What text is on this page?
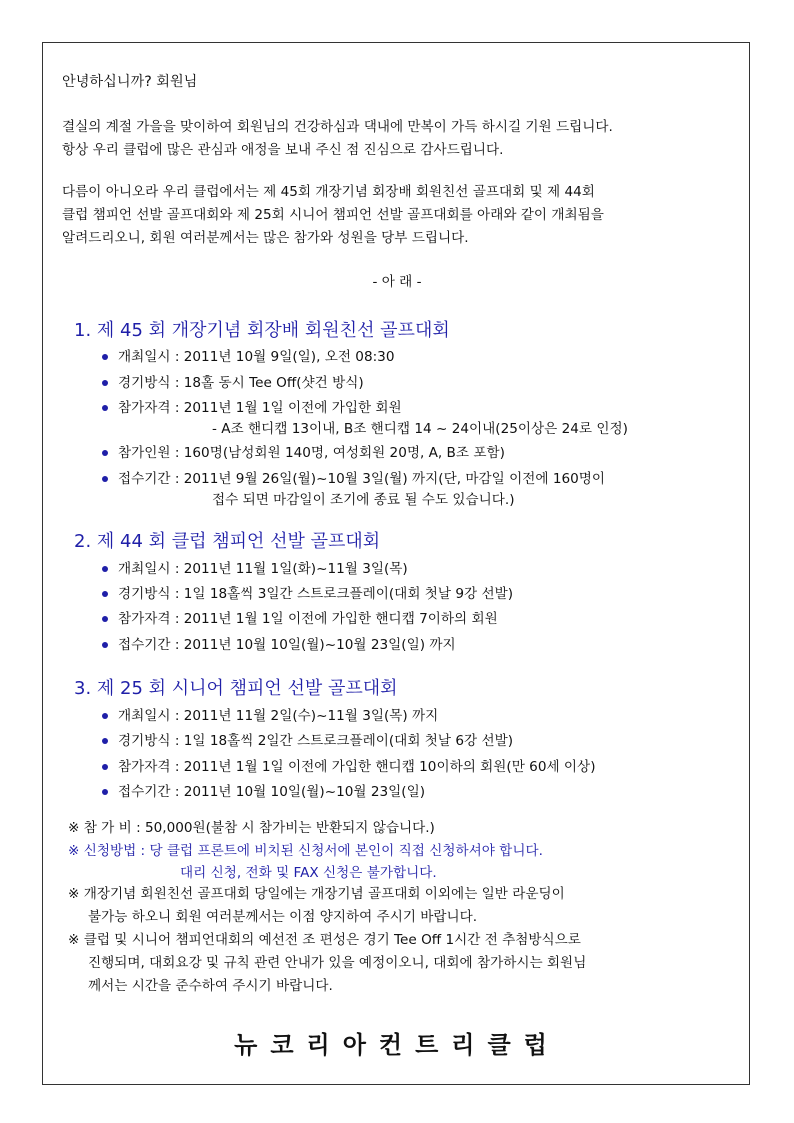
안녕하십니까? 회원님
결실의 계절 가을을 맞이하여 회원님의 건강하심과 댁내에 만복이 가득 하시길 기원 드립니다.
항상 우리 클럽에 많은 관심과 애정을 보내 주신 점 진심으로 감사드립니다.
다름이 아니오라 우리 클럽에서는 제 45회 개장기념 회장배 회원친선 골프대회 및 제 44회
클럽 챔피언 선발 골프대회와 제 25회 시니어 챔피언 선발 골프대회를 아래와 같이 개최됨을
알려드리오니, 회원 여러분께서는 많은 참가와 성원을 당부 드립니다.
- 아 래 -
1. 제 45 회 개장기념 회장배 회원친선 골프대회
개최일시 : 2011년 10월 9일(일), 오전 08:30
경기방식 : 18홀 동시 Tee Off(샷건 방식)
참가자격 : 2011년 1월 1일 이전에 가입한 회원
- A조 핸디캡 13이내, B조 핸디캡 14 ~ 24이내(25이상은 24로 인정)
참가인원 : 160명(남성회원 140명, 여성회원 20명, A, B조 포함)
접수기간 : 2011년 9월 26일(월)~10월 3일(월) 까지(단, 마감일 이전에 160명이
접수 되면 마감일이 조기에 종료 될 수도 있습니다.)
2. 제 44 회 클럽 챔피언 선발 골프대회
개최일시 : 2011년 11월 1일(화)~11월 3일(목)
경기방식 : 1일 18홀씩 3일간 스트로크플레이(대회 첫날 9강 선발)
참가자격 : 2011년 1월 1일 이전에 가입한 핸디캡 7이하의 회원
접수기간 : 2011년 10월 10일(월)~10월 23일(일) 까지
3. 제 25 회 시니어 챔피언 선발 골프대회
개최일시 : 2011년 11월 2일(수)~11월 3일(목) 까지
경기방식 : 1일 18홀씩 2일간 스트로크플레이(대회 첫날 6강 선발)
참가자격 : 2011년 1월 1일 이전에 가입한 핸디캡 10이하의 회원(만 60세 이상)
접수기간 : 2011년 10월 10일(월)~10월 23일(일)
※ 참 가 비 : 50,000원(불참 시 참가비는 반환되지 않습니다.)
※ 신청방법 : 당 클럽 프론트에 비치된 신청서에 본인이 직접 신청하셔야 합니다.
대리 신청, 전화 및 FAX 신청은 불가합니다.
※ 개장기념 회원친선 골프대회 당일에는 개장기념 골프대회 이외에는 일반 라운딩이
불가능 하오니 회원 여러분께서는 이점 양지하여 주시기 바랍니다.
※ 클럽 및 시니어 챔피언대회의 예선전 조 편성은 경기 Tee Off 1시간 전 추첨방식으로
진행되며, 대회요강 및 규칙 관련 안내가 있을 예정이오니, 대회에 참가하시는 회원님
께서는 시간을 준수하여 주시기 바랍니다.
뉴코리아컨트리클럽
